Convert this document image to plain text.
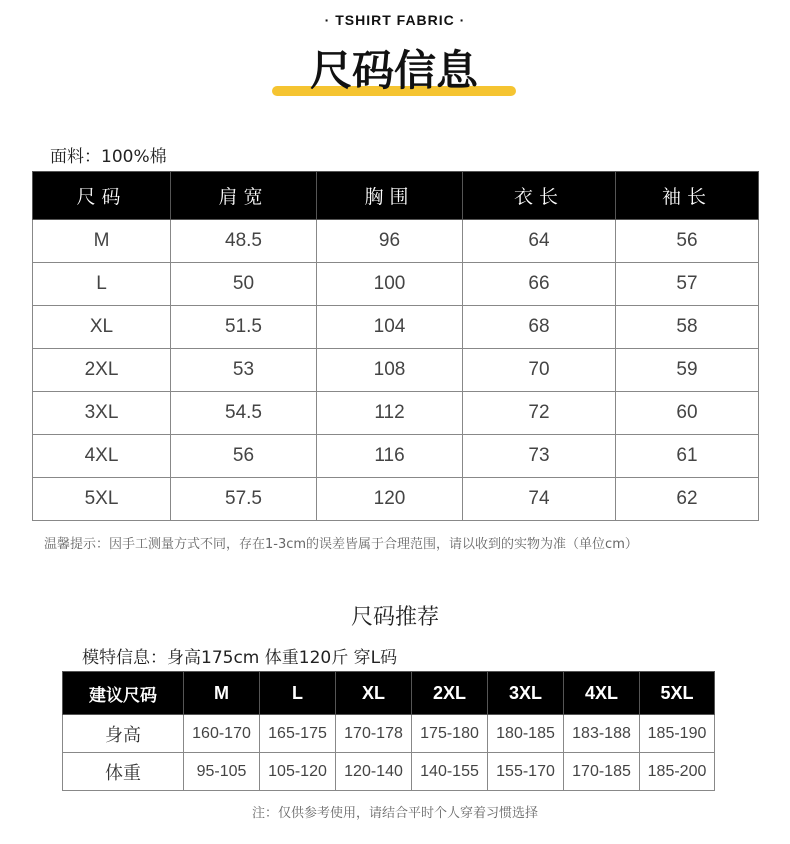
· TSHIRT FABRIC ·
尺码信息
面料：100%棉
尺码	肩宽	胸围	衣长	袖长
M	48.5	96	64	56
L	50	100	66	57
XL	51.5	104	68	58
2XL	53	108	70	59
3XL	54.5	112	72	60
4XL	56	116	73	61
5XL	57.5	120	74	62
温馨提示：因手工测量方式不同，存在1-3cm的误差皆属于合理范围，请以收到的实物为准（单位cm）
尺码推荐
模特信息：身高175cm 体重120斤 穿L码
建议尺码	M	L	XL	2XL	3XL	4XL	5XL
身高	160-170	165-175	170-178	175-180	180-185	183-188	185-190
体重	95-105	105-120	120-140	140-155	155-170	170-185	185-200
注：仅供参考使用，请结合平时个人穿着习惯选择
